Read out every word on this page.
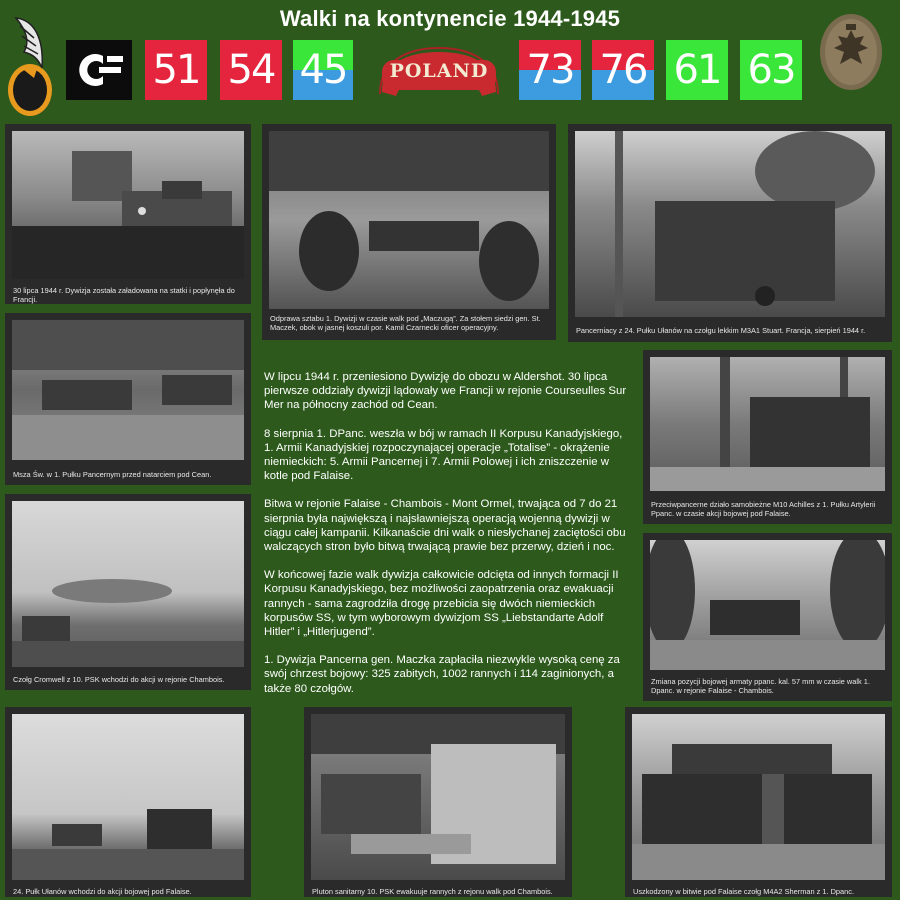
Walki na kontynencie 1944-1945
51 54 45	POLAND 73 76 61 63
30 lipca 1944 r. Dywizja została załadowana na statki i popłynęła do Francji.
Odprawa sztabu 1. Dywizji w czasie walk pod „Maczugą”. Za stołem siedzi gen. St. Maczek, obok w jasnej koszuli por. Kamil Czarnecki oficer operacyjny.	Pancerniacy z 24. Pułku Ułanów na czołgu lekkim M3A1 Stuart. Francja, sierpień 1944 r.
Msza Św. w 1. Pułku Pancernym przed natarciem pod Cean.

W lipcu 1944 r. przeniesiono Dywizję do obozu w Aldershot. 30 lipca pierwsze oddziały dywizji lądowały we Francji w rejonie Courseulles Sur Mer na północny zachód od Cean.

8 sierpnia 1. DPanc. weszła w bój w ramach II Korpusu Kanadyjskiego, 1. Armii Kanadyjskiej rozpoczynającej operacje „Totalise” - okrążenie niemieckich: 5. Armii Pancernej i 7. Armii Polowej i ich zniszczenie w kotle pod Falaise.

Bitwa w rejonie Falaise - Chambois - Mont Ormel, trwająca od 7 do 21 sierpnia była największą i najsławniejszą operacją wojenną dywizji w ciągu całej kampanii. Kilkanaście dni walk o niesłychanej zaciętości obu walczących stron było bitwą trwającą prawie bez przerwy, dzień i noc.

W końcowej fazie walk dywizja całkowicie odcięta od innych formacji II Korpusu Kanadyjskiego, bez możliwości zaopatrzenia oraz ewakuacji rannych - sama zagrodziła drogę przebicia się dwóch niemieckich korpusów SS, w tym wyborowym dywizjom SS „Liebstandarte Adolf Hitler” i „Hitlerjugend”.

1. Dywizja Pancerna gen. Maczka zapłaciła niezwykle wysoką cenę za swój chrzest bojowy: 325 zabitych, 1002 rannych i 114 zaginionych, a także 80 czołgów.

Przeciwpancerne działo samobieżne M10 Achilles z 1. Pułku Artylerii Ppanc. w czasie akcji bojowej pod Falaise.
Czołg Cromwell z 10. PSK wchodzi do akcji w rejonie Chambois.	Zmiana pozycji bojowej armaty ppanc. kal. 57 mm w czasie walk 1. Dpanc. w rejonie Falaise - Chambois.
24. Pułk Ułanów wchodzi do akcji bojowej pod Falaise.	Pluton sanitarny 10. PSK ewakuuje rannych z rejonu walk pod Chambois.	Uszkodzony w bitwie pod Falaise czołg M4A2 Sherman z 1. Dpanc.
